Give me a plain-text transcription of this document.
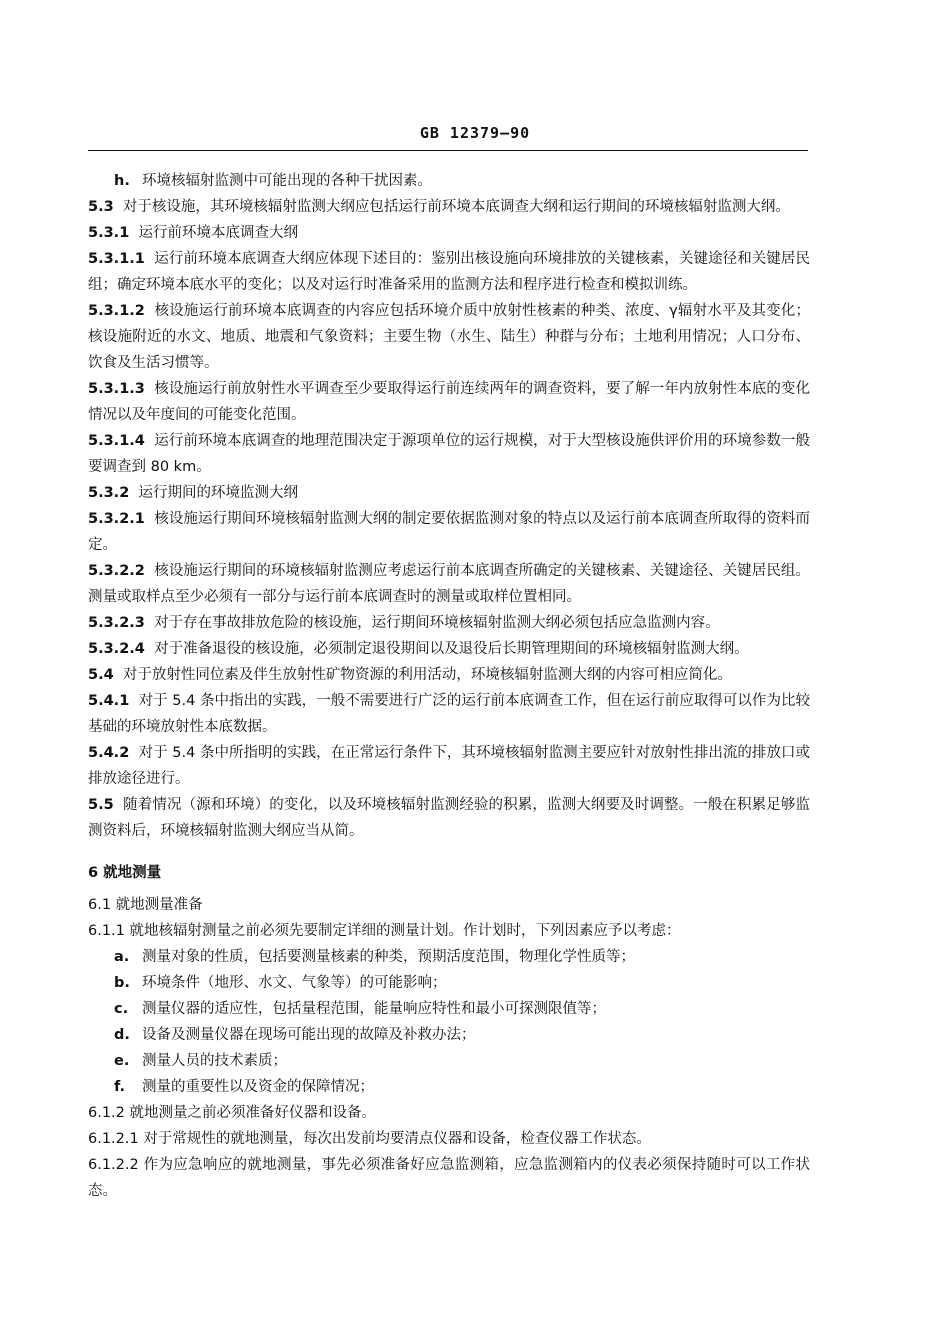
GB 12379—90

h. 环境核辐射监测中可能出现的各种干扰因素。

5.3 对于核设施，其环境核辐射监测大纲应包括运行前环境本底调查大纲和运行期间的环境核辐射监测大纲。

5.3.1 运行前环境本底调查大纲

5.3.1.1 运行前环境本底调查大纲应体现下述目的：鉴别出核设施向环境排放的关键核素，关键途径和关键居民组；确定环境本底水平的变化；以及对运行时准备采用的监测方法和程序进行检查和模拟训练。

5.3.1.2 核设施运行前环境本底调查的内容应包括环境介质中放射性核素的种类、浓度、γ辐射水平及其变化；核设施附近的水文、地质、地震和气象资料；主要生物（水生、陆生）种群与分布；土地利用情况；人口分布、饮食及生活习惯等。

5.3.1.3 核设施运行前放射性水平调查至少要取得运行前连续两年的调查资料，要了解一年内放射性本底的变化情况以及年度间的可能变化范围。

5.3.1.4 运行前环境本底调查的地理范围决定于源项单位的运行规模，对于大型核设施供评价用的环境参数一般要调查到 80 km。

5.3.2 运行期间的环境监测大纲

5.3.2.1 核设施运行期间环境核辐射监测大纲的制定要依据监测对象的特点以及运行前本底调查所取得的资料而定。

5.3.2.2 核设施运行期间的环境核辐射监测应考虑运行前本底调查所确定的关键核素、关键途径、关键居民组。测量或取样点至少必须有一部分与运行前本底调查时的测量或取样位置相同。

5.3.2.3 对于存在事故排放危险的核设施，运行期间环境核辐射监测大纲必须包括应急监测内容。

5.3.2.4 对于准备退役的核设施，必须制定退役期间以及退役后长期管理期间的环境核辐射监测大纲。

5.4 对于放射性同位素及伴生放射性矿物资源的利用活动，环境核辐射监测大纲的内容可相应简化。

5.4.1 对于 5.4 条中指出的实践，一般不需要进行广泛的运行前本底调查工作，但在运行前应取得可以作为比较基础的环境放射性本底数据。

5.4.2 对于 5.4 条中所指明的实践，在正常运行条件下，其环境核辐射监测主要应针对放射性排出流的排放口或排放途径进行。

5.5 随着情况（源和环境）的变化，以及环境核辐射监测经验的积累，监测大纲要及时调整。一般在积累足够监测资料后，环境核辐射监测大纲应当从简。

6 就地测量

6.1 就地测量准备

6.1.1 就地核辐射测量之前必须先要制定详细的测量计划。作计划时，下列因素应予以考虑：

a. 测量对象的性质，包括要测量核素的种类，预期活度范围，物理化学性质等；

b. 环境条件（地形、水文、气象等）的可能影响；

c. 测量仪器的适应性，包括量程范围，能量响应特性和最小可探测限值等；

d. 设备及测量仪器在现场可能出现的故障及补救办法；

e. 测量人员的技术素质；

f. 测量的重要性以及资金的保障情况；

6.1.2 就地测量之前必须准备好仪器和设备。

6.1.2.1 对于常规性的就地测量，每次出发前均要清点仪器和设备，检查仪器工作状态。

6.1.2.2 作为应急响应的就地测量，事先必须准备好应急监测箱，应急监测箱内的仪表必须保持随时可以工作状态。
